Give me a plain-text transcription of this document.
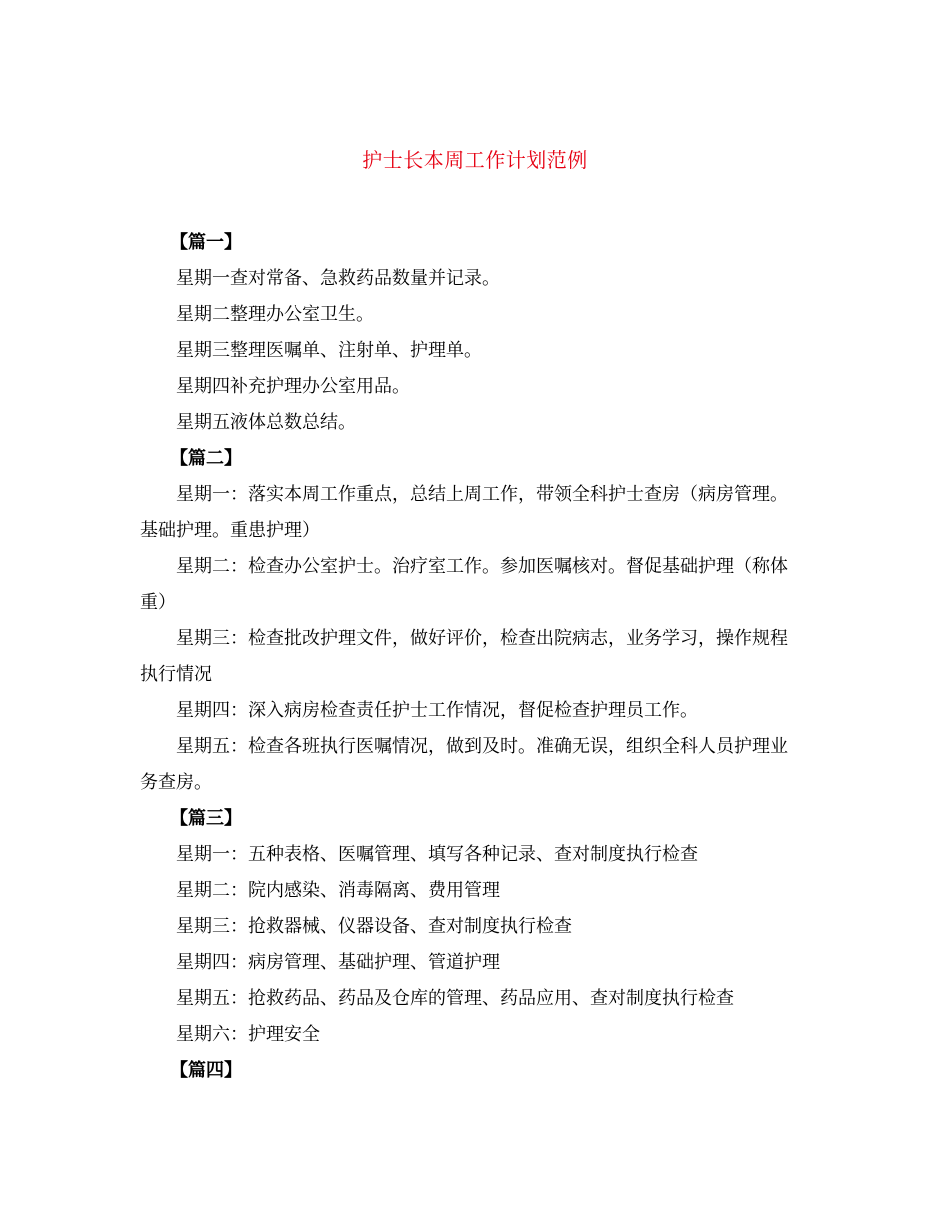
护士长本周工作计划范例
【篇一】
星期一查对常备、急救药品数量并记录。
星期二整理办公室卫生。
星期三整理医嘱单、注射单、护理单。
星期四补充护理办公室用品。
星期五液体总数总结。
【篇二】
星期一：落实本周工作重点，总结上周工作，带领全科护士查房（病房管理。
基础护理。重患护理）
星期二：检查办公室护士。治疗室工作。参加医嘱核对。督促基础护理（称体
重）
星期三：检查批改护理文件，做好评价，检查出院病志，业务学习，操作规程
执行情况
星期四：深入病房检查责任护士工作情况，督促检查护理员工作。
星期五：检查各班执行医嘱情况，做到及时。准确无误，组织全科人员护理业
务查房。
【篇三】
星期一：五种表格、医嘱管理、填写各种记录、查对制度执行检查
星期二：院内感染、消毒隔离、费用管理
星期三：抢救器械、仪器设备、查对制度执行检查
星期四：病房管理、基础护理、管道护理
星期五：抢救药品、药品及仓库的管理、药品应用、查对制度执行检查
星期六：护理安全
【篇四】
